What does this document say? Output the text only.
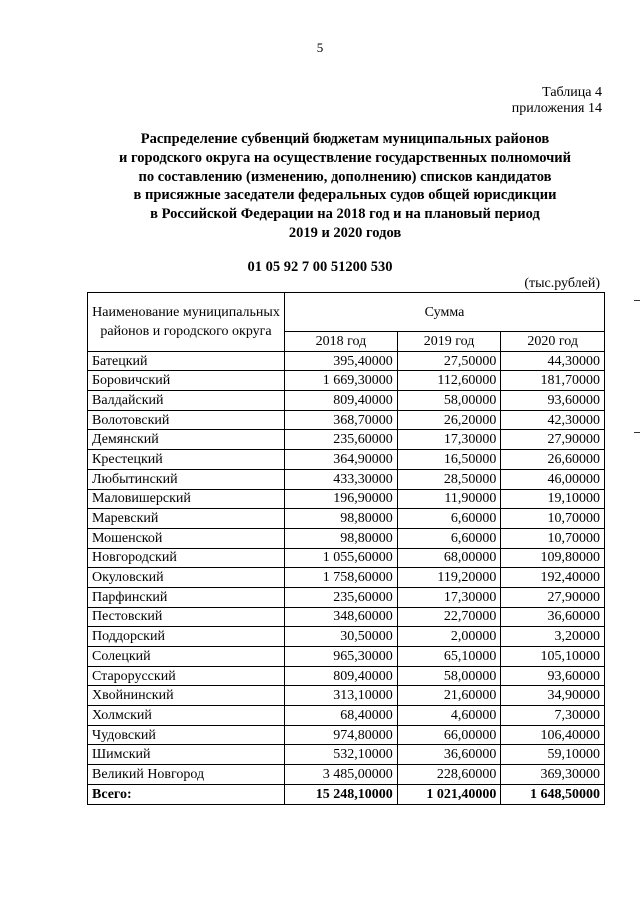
5
Таблица 4
приложения 14
Распределение субвенций бюджетам муниципальных районов
и городского округа на осуществление государственных полномочий
по составлению (изменению, дополнению) списков кандидатов
в присяжные заседатели федеральных судов общей юрисдикции
в Российской Федерации на 2018 год и на плановый период
2019 и 2020 годов
01 05 92 7 00 51200 530
(тыс.рублей)
Наименование муниципальных районов и городского округа	Сумма		
	2018 год	2019 год	2020 год
Батецкий	395,40000	27,50000	44,30000
Боровичский	1 669,30000	112,60000	181,70000
Валдайский	809,40000	58,00000	93,60000
Волотовский	368,70000	26,20000	42,30000
Демянский	235,60000	17,30000	27,90000
Крестецкий	364,90000	16,50000	26,60000
Любытинский	433,30000	28,50000	46,00000
Маловишерский	196,90000	11,90000	19,10000
Маревский	98,80000	6,60000	10,70000
Мошенской	98,80000	6,60000	10,70000
Новгородский	1 055,60000	68,00000	109,80000
Окуловский	1 758,60000	119,20000	192,40000
Парфинский	235,60000	17,30000	27,90000
Пестовский	348,60000	22,70000	36,60000
Поддорский	30,50000	2,00000	3,20000
Солецкий	965,30000	65,10000	105,10000
Старорусский	809,40000	58,00000	93,60000
Хвойнинский	313,10000	21,60000	34,90000
Холмский	68,40000	4,60000	7,30000
Чудовский	974,80000	66,00000	106,40000
Шимский	532,10000	36,60000	59,10000
Великий Новгород	3 485,00000	228,60000	369,30000
Всего:	15 248,10000	1 021,40000	1 648,50000
